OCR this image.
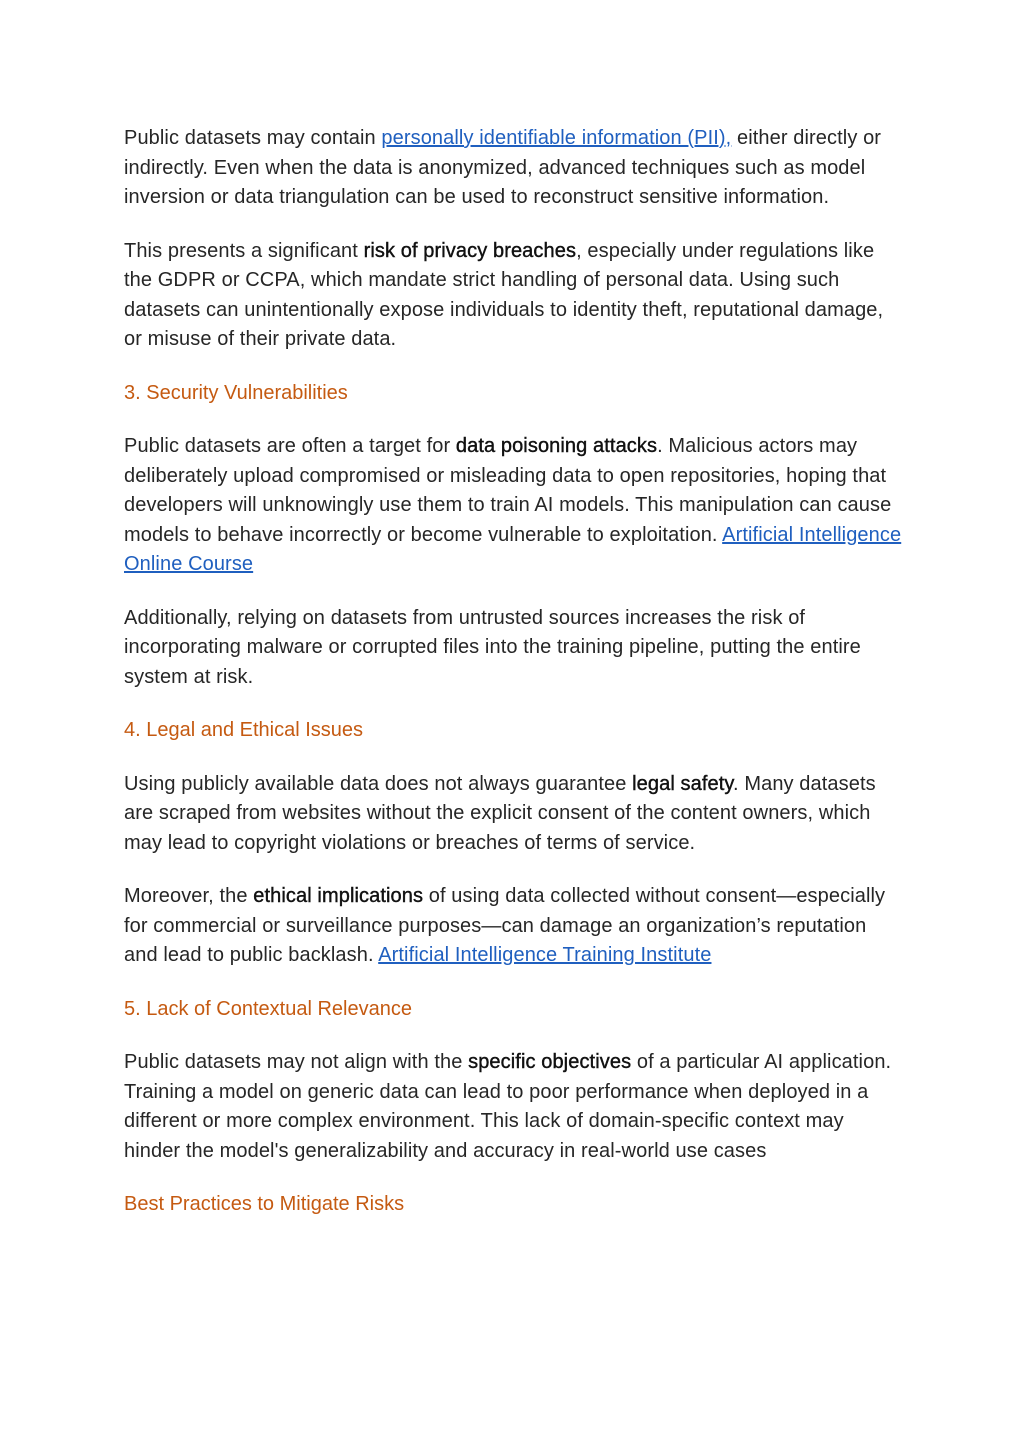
Public datasets may contain personally identifiable information (PII), either directly or indirectly. Even when the data is anonymized, advanced techniques such as model inversion or data triangulation can be used to reconstruct sensitive information.

This presents a significant risk of privacy breaches, especially under regulations like the GDPR or CCPA, which mandate strict handling of personal data. Using such datasets can unintentionally expose individuals to identity theft, reputational damage, or misuse of their private data.

3. Security Vulnerabilities

Public datasets are often a target for data poisoning attacks. Malicious actors may deliberately upload compromised or misleading data to open repositories, hoping that developers will unknowingly use them to train AI models. This manipulation can cause models to behave incorrectly or become vulnerable to exploitation. Artificial Intelligence Online Course

Additionally, relying on datasets from untrusted sources increases the risk of incorporating malware or corrupted files into the training pipeline, putting the entire system at risk.

4. Legal and Ethical Issues

Using publicly available data does not always guarantee legal safety. Many datasets are scraped from websites without the explicit consent of the content owners, which may lead to copyright violations or breaches of terms of service.

Moreover, the ethical implications of using data collected without consent—especially for commercial or surveillance purposes—can damage an organization’s reputation and lead to public backlash. Artificial Intelligence Training Institute

5. Lack of Contextual Relevance

Public datasets may not align with the specific objectives of a particular AI application. Training a model on generic data can lead to poor performance when deployed in a different or more complex environment. This lack of domain-specific context may hinder the model's generalizability and accuracy in real-world use cases

Best Practices to Mitigate Risks
